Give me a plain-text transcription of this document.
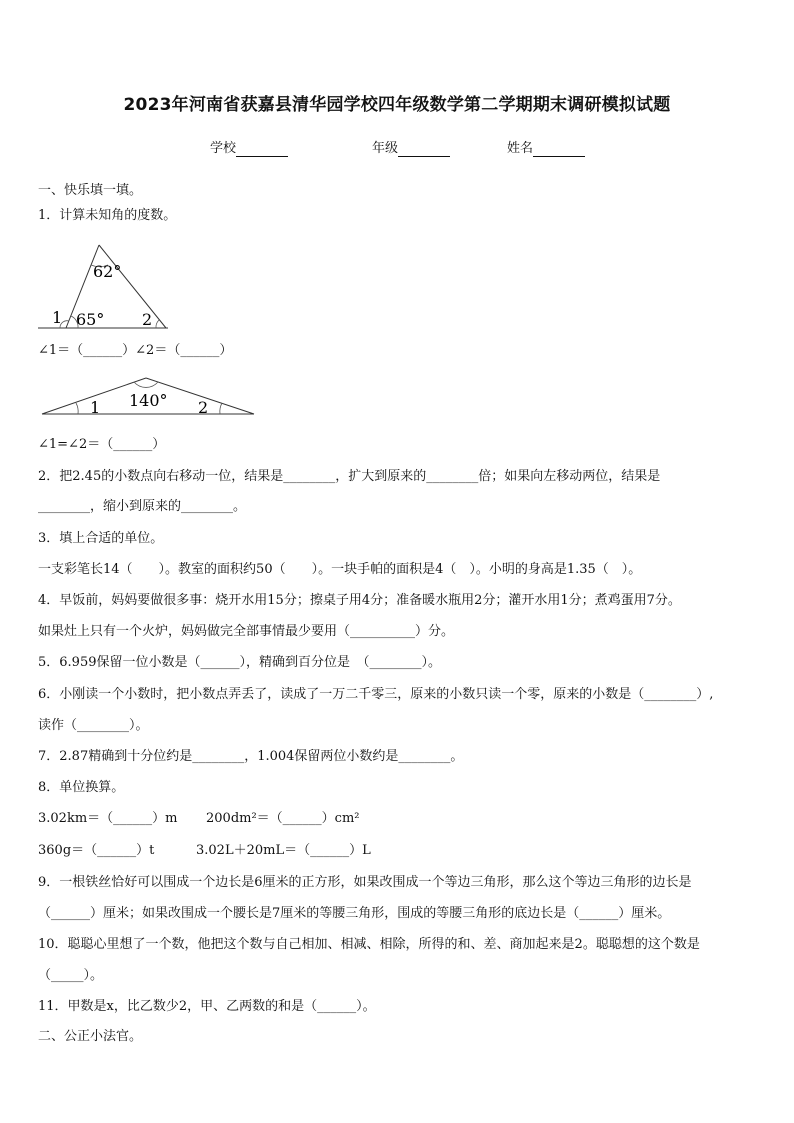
2023年河南省获嘉县清华园学校四年级数学第二学期期末调研模拟试题
学校	年级	姓名
一、快乐填一填。
1．计算未知角的度数。
62°
65°
1	2
∠1＝（______）∠2＝（______）
140°
1	2
∠1=∠2＝（______）
2．把2.45的小数点向右移动一位，结果是________，扩大到原来的________倍；如果向左移动两位，结果是
________，缩小到原来的________。
3．填上合适的单位。
一支彩笔长14（　　）。教室的面积约50（　　）。一块手帕的面积是4（　）。小明的身高是1.35（　）。
4．早饭前，妈妈要做很多事：烧开水用15分；擦桌子用4分；准备暖水瓶用2分；灌开水用1分；煮鸡蛋用7分。
如果灶上只有一个火炉，妈妈做完全部事情最少要用（__________）分。
5．6.959保留一位小数是（______），精确到百分位是　（________）。
6．小刚读一个小数时，把小数点弄丢了，读成了一万二千零三，原来的小数只读一个零，原来的小数是（________）,
读作（________）。
7．2.87精确到十分位约是________，1.004保留两位小数约是________。
8．单位换算。
3.02km＝（______）m 200dm²＝（______）cm²
360g＝（______）t	3.02L＋20mL＝（______）L
9．一根铁丝恰好可以围成一个边长是6厘米的正方形，如果改围成一个等边三角形，那么这个等边三角形的边长是
（______）厘米；如果改围成一个腰长是7厘米的等腰三角形，围成的等腰三角形的底边长是（______）厘米。
10．聪聪心里想了一个数，他把这个数与自己相加、相减、相除，所得的和、差、商加起来是2。聪聪想的这个数是
（_____）。
11．甲数是x，比乙数少2，甲、乙两数的和是（______）。
二、公正小法官。
